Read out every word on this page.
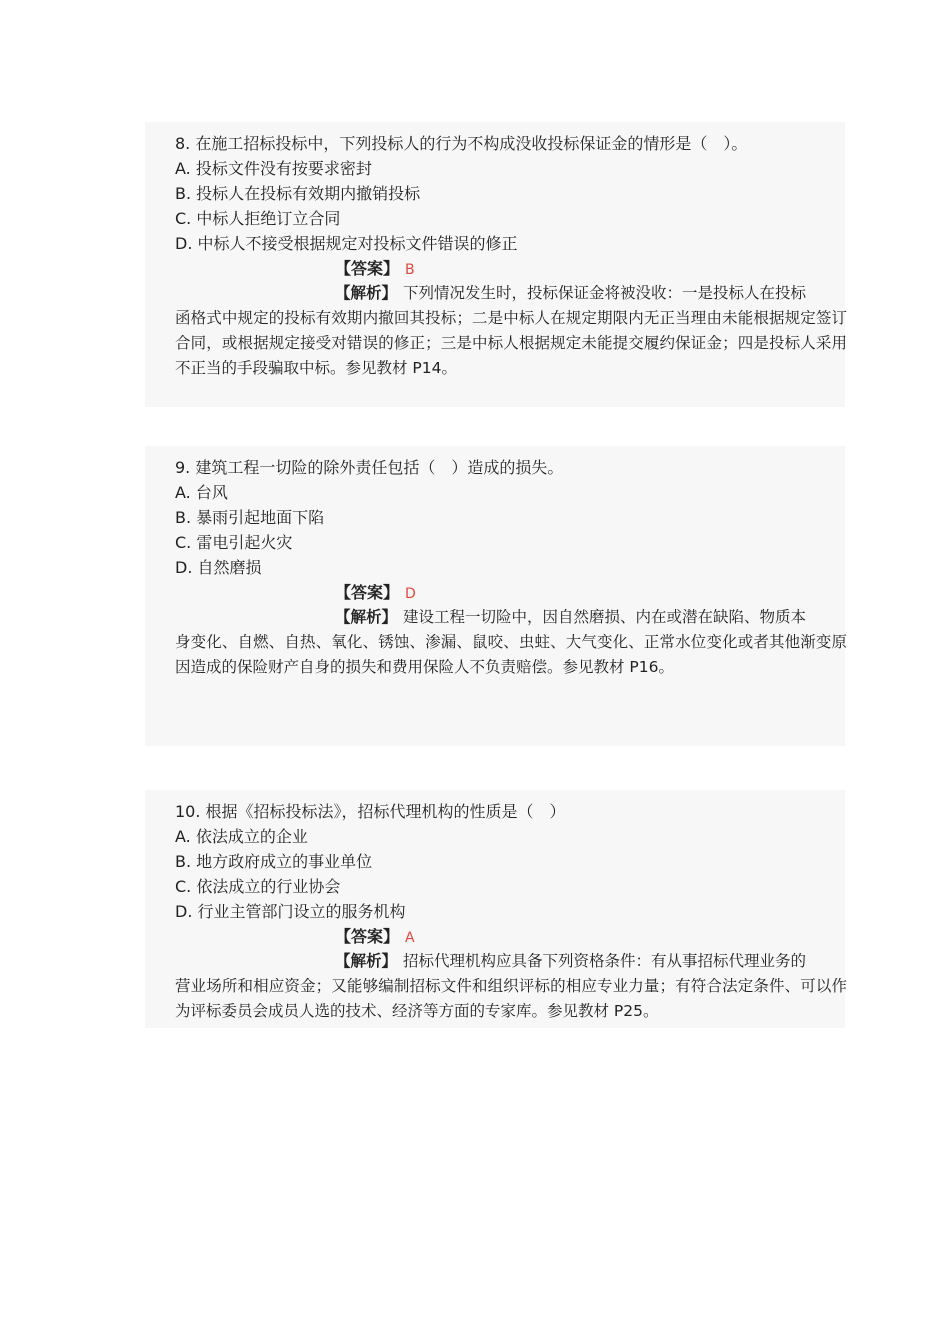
8. 在施工招标投标中，下列投标人的行为不构成没收投标保证金的情形是（　）。
A. 投标文件没有按要求密封
B. 投标人在投标有效期内撤销投标
C. 中标人拒绝订立合同
D. 中标人不接受根据规定对投标文件错误的修正
【答案】 B
【解析】 下列情况发生时，投标保证金将被没收：一是投标人在投标
函格式中规定的投标有效期内撤回其投标；二是中标人在规定期限内无正当理由未能根据规定签订合同，或根据规定接受对错误的修正；三是中标人根据规定未能提交履约保证金；四是投标人采用不正当的手段骗取中标。参见教材 P14。
9. 建筑工程一切险的除外责任包括（　）造成的损失。
A. 台风
B. 暴雨引起地面下陷
C. 雷电引起火灾
D. 自然磨损
【答案】 D
【解析】 建设工程一切险中，因自然磨损、内在或潜在缺陷、物质本
身变化、自燃、自热、氧化、锈蚀、渗漏、鼠咬、虫蛀、大气变化、正常水位变化或者其他渐变原因造成的保险财产自身的损失和费用保险人不负责赔偿。参见教材 P16。
10. 根据《招标投标法》，招标代理机构的性质是（　）
A. 依法成立的企业
B. 地方政府成立的事业单位
C. 依法成立的行业协会
D. 行业主管部门设立的服务机构
【答案】 A
【解析】 招标代理机构应具备下列资格条件：有从事招标代理业务的
营业场所和相应资金；又能够编制招标文件和组织评标的相应专业力量；有符合法定条件、可以作为评标委员会成员人选的技术、经济等方面的专家库。参见教材 P25。
